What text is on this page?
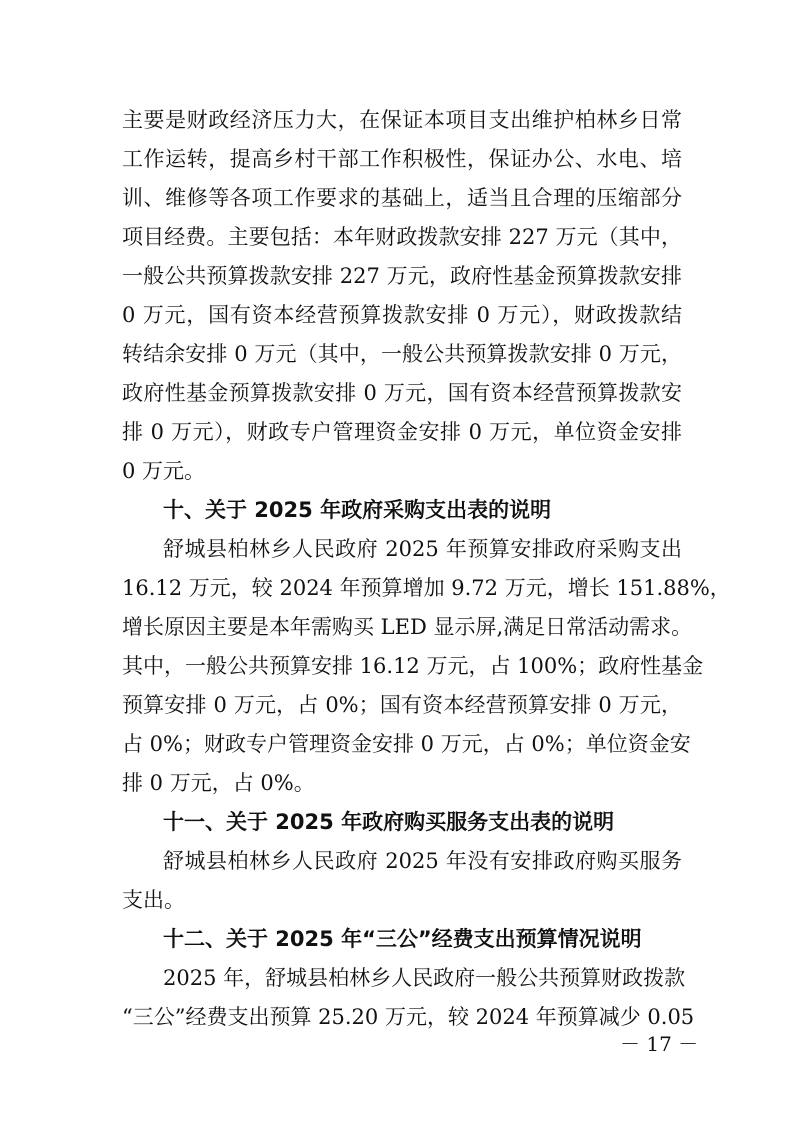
主要是财政经济压力大，在保证本项目支出维护柏林乡日常
工作运转，提高乡村干部工作积极性，保证办公、水电、培
训、维修等各项工作要求的基础上，适当且合理的压缩部分
项目经费。主要包括：本年财政拨款安排 227 万元（其中，
一般公共预算拨款安排 227 万元，政府性基金预算拨款安排
0 万元，国有资本经营预算拨款安排 0 万元），财政拨款结
转结余安排 0 万元（其中，一般公共预算拨款安排 0 万元，
政府性基金预算拨款安排 0 万元，国有资本经营预算拨款安
排 0 万元），财政专户管理资金安排 0 万元，单位资金安排
0 万元。
十、关于 2025 年政府采购支出表的说明
舒城县柏林乡人民政府 2025 年预算安排政府采购支出
16.12 万元，较 2024 年预算增加 9.72 万元，增长 151.88%，
增长原因主要是本年需购买 LED 显示屏,满足日常活动需求。
其中，一般公共预算安排 16.12 万元，占 100%；政府性基金
预算安排 0 万元，占 0%；国有资本经营预算安排 0 万元，
占 0%；财政专户管理资金安排 0 万元，占 0%；单位资金安
排 0 万元，占 0%。
十一、关于 2025 年政府购买服务支出表的说明
舒城县柏林乡人民政府 2025 年没有安排政府购买服务
支出。
十二、关于 2025 年“三公”经费支出预算情况说明
2025 年，舒城县柏林乡人民政府一般公共预算财政拨款
“三公”经费支出预算 25.20 万元，较 2024 年预算减少 0.05
－ 17 －
